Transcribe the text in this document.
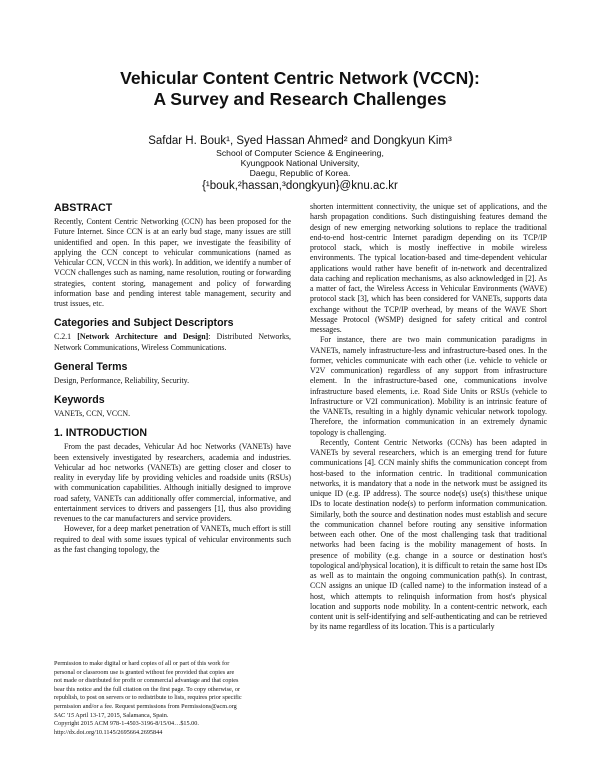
Vehicular Content Centric Network (VCCN):
A Survey and Research Challenges
Safdar H. Bouk¹, Syed Hassan Ahmed² and Dongkyun Kim³
School of Computer Science & Engineering,
Kyungpook National University,
Daegu, Republic of Korea.
{¹bouk,²hassan,³dongkyun}@knu.ac.kr
ABSTRACT

Recently, Content Centric Networking (CCN) has been proposed for the Future Internet. Since CCN is at an early bud stage, many issues are still unidentified and open. In this paper, we investigate the feasibility of applying the CCN concept to vehicular communications (named as Vehicular CCN, VCCN in this work). In addition, we identify a number of VCCN challenges such as naming, name resolution, routing or forwarding strategies, content storing, management and policy of forwarding information base and pending interest table management, security and trust issues, etc.

Categories and Subject Descriptors

C.2.1 [Network Architecture and Design]: Distributed Networks, Network Communications, Wireless Communications.

General Terms

Design, Performance, Reliability, Security.

Keywords

VANETs, CCN, VCCN.

1. INTRODUCTION

From the past decades, Vehicular Ad hoc Networks (VANETs) have been extensively investigated by researchers, academia and industries. Vehicular ad hoc networks (VANETs) are getting closer and closer to reality in everyday life by providing vehicles and roadside units (RSUs) with communication capabilities. Although initially designed to improve road safety, VANETs can additionally offer commercial, informative, and entertainment services to drivers and passengers [1], thus also providing revenues to the car manufacturers and service providers.

However, for a deep market penetration of VANETs, much effort is still required to deal with some issues typical of vehicular environments such as the fast changing topology, the

Permission to make digital or hard copies of all or part of this work for
personal or classroom use is granted without fee provided that copies are
not made or distributed for profit or commercial advantage and that copies
bear this notice and the full citation on the first page. To copy otherwise, or
republish, to post on servers or to redistribute to lists, requires prior specific
permission and/or a fee. Request permissions from Permissions@acm.org
SAC '15 April 13-17, 2015, Salamanca, Spain.
Copyright 2015 ACM 978-1-4503-3196-8/15/04…$15.00.
http://dx.doi.org/10.1145/2695664.2695844

shorten intermittent connectivity, the unique set of applications, and the harsh propagation conditions. Such distinguishing features demand the design of new emerging networking solutions to replace the traditional end-to-end host-centric Internet paradigm depending on its TCP/IP protocol stack, which is mostly ineffective in mobile wireless environments. The typical location-based and time-dependent vehicular applications would rather have benefit of in-network and decentralized data caching and replication mechanisms, as also acknowledged in [2]. As a matter of fact, the Wireless Access in Vehicular Environments (WAVE) protocol stack [3], which has been considered for VANETs, supports data exchange without the TCP/IP overhead, by means of the WAVE Short Message Protocol (WSMP) designed for safety critical and control messages.

For instance, there are two main communication paradigms in VANETs, namely infrastructure-less and infrastructure-based ones. In the former, vehicles communicate with each other (i.e. vehicle to vehicle or V2V communication) regardless of any support from infrastructure element. In the infrastructure-based one, communications involve infrastructure based elements, i.e. Road Side Units or RSUs (vehicle to Infrastructure or V2I communication). Mobility is an intrinsic feature of the VANETs, resulting in a highly dynamic vehicular network topology. Therefore, the information communication in an extremely dynamic topology is challenging.

Recently, Content Centric Networks (CCNs) has been adapted in VANETs by several researchers, which is an emerging trend for future communications [4]. CCN mainly shifts the communication concept from host-based to the information centric. In traditional communication networks, it is mandatory that a node in the network must be assigned its unique ID (e.g. IP address). The source node(s) use(s) this/these unique IDs to locate destination node(s) to perform information communication. Similarly, both the source and destination nodes must establish and secure the communication channel before routing any sensitive information between each other. One of the most challenging task that traditional networks had been facing is the mobility management of hosts. In presence of mobility (e.g. change in a source or destination host's topological and/physical location), it is difficult to retain the same host IDs as well as to maintain the ongoing communication path(s). In contrast, CCN assigns an unique ID (called name) to the information instead of a host, which attempts to relinquish information from host's physical location and supports node mobility. In a content-centric network, each content unit is self-identifying and self-authenticating and can be retrieved by its name regardless of its location. This is a particularly
